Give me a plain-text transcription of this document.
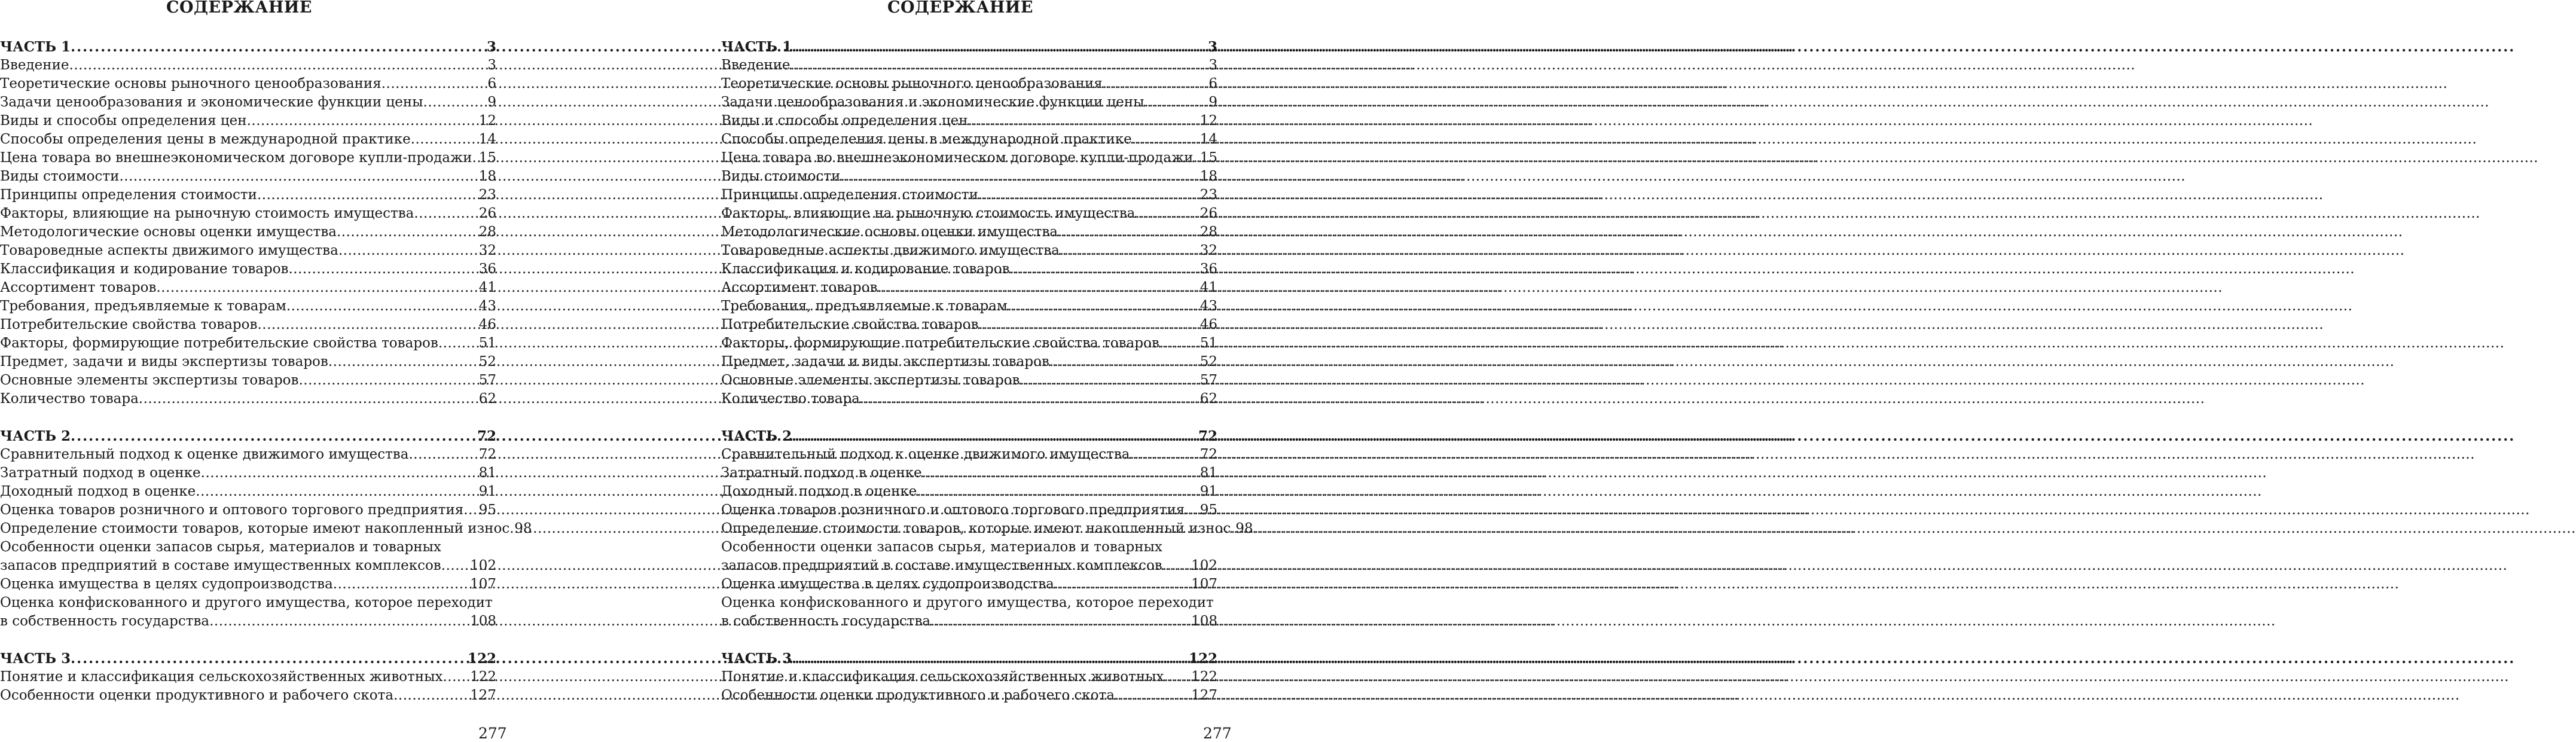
СОДЕРЖАНИЕ
ЧАСТЬ 1 .....	3
Введение .....	3
Теоретические основы рыночного ценообразования .....	6
Задачи ценообразования и экономические функции цены .....	9
Виды и способы определения цен .....	12
Способы определения цены в международной практике .....	14
Цена товара во внешнеэкономическом договоре купли-продажи ..... 15
Виды стоимости .....	18
Принципы определения стоимости .....	23
Факторы, влияющие на рыночную стоимость имущества .....	26
Методологические основы оценки имущества .....	28
Товароведные аспекты движимого имущества .....	32
Классификация и кодирование товаров .....	36
Ассортимент товаров .....	41
Требования, предъявляемые к товарам .....	43
Потребительские свойства товаров .....	46
Факторы, формирующие потребительские свойства товаров .....	51
Предмет, задачи и виды экспертизы товаров .....	52
Основные элементы экспертизы товаров .....	57
Количество товара .....	62
ЧАСТЬ 2 .....	72
Сравнительный подход к оценке движимого имущества .....	72
Затратный подход в оценке .....	81
Доходный подход в оценке .....	91
Оценка товаров розничного и оптового торгового предприятия ..... 95
Определение стоимости товаров, которые имеют накопленный износ ..... 98
Особенности оценки запасов сырья, материалов и товарных
запасов предприятий в составе имущественных комплексов ..... 102
Оценка имущества в целях судопроизводства .....	107
Оценка конфискованного и другого имущества, которое переходит
в собственность государства .....	108
ЧАСТЬ 3 .....	122
Понятие и классификация сельскохозяйственных животных ..... 122
Особенности оценки продуктивного и рабочего скота .....	127
277
СОДЕРЖАНИЕ
ЧАСТЬ 1 .....	3
Введение .....	3
Теоретические основы рыночного ценообразования .....	6
Задачи ценообразования и экономические функции цены .....	9
Виды и способы определения цен .....	12
Способы определения цены в международной практике .....	14
Цена товара во внешнеэкономическом договоре купли-продажи ..... 15
Виды стоимости .....	18
Принципы определения стоимости .....	23
Факторы, влияющие на рыночную стоимость имущества .....	26
Методологические основы оценки имущества .....	28
Товароведные аспекты движимого имущества .....	32
Классификация и кодирование товаров .....	36
Ассортимент товаров .....	41
Требования, предъявляемые к товарам .....	43
Потребительские свойства товаров .....	46
Факторы, формирующие потребительские свойства товаров .....	51
Предмет, задачи и виды экспертизы товаров .....	52
Основные элементы экспертизы товаров .....	57
Количество товара .....	62
ЧАСТЬ 2 .....	72
Сравнительный подход к оценке движимого имущества .....	72
Затратный подход в оценке .....	81
Доходный подход в оценке .....	91
Оценка товаров розничного и оптового торгового предприятия ..... 95
Определение стоимости товаров, которые имеют накопленный износ ..... 98
Особенности оценки запасов сырья, материалов и товарных
запасов предприятий в составе имущественных комплексов ..... 102
Оценка имущества в целях судопроизводства .....	107
Оценка конфискованного и другого имущества, которое переходит
в собственность государства .....	108
ЧАСТЬ 3 .....	122
Понятие и классификация сельскохозяйственных животных ..... 122
Особенности оценки продуктивного и рабочего скота .....	127
277
